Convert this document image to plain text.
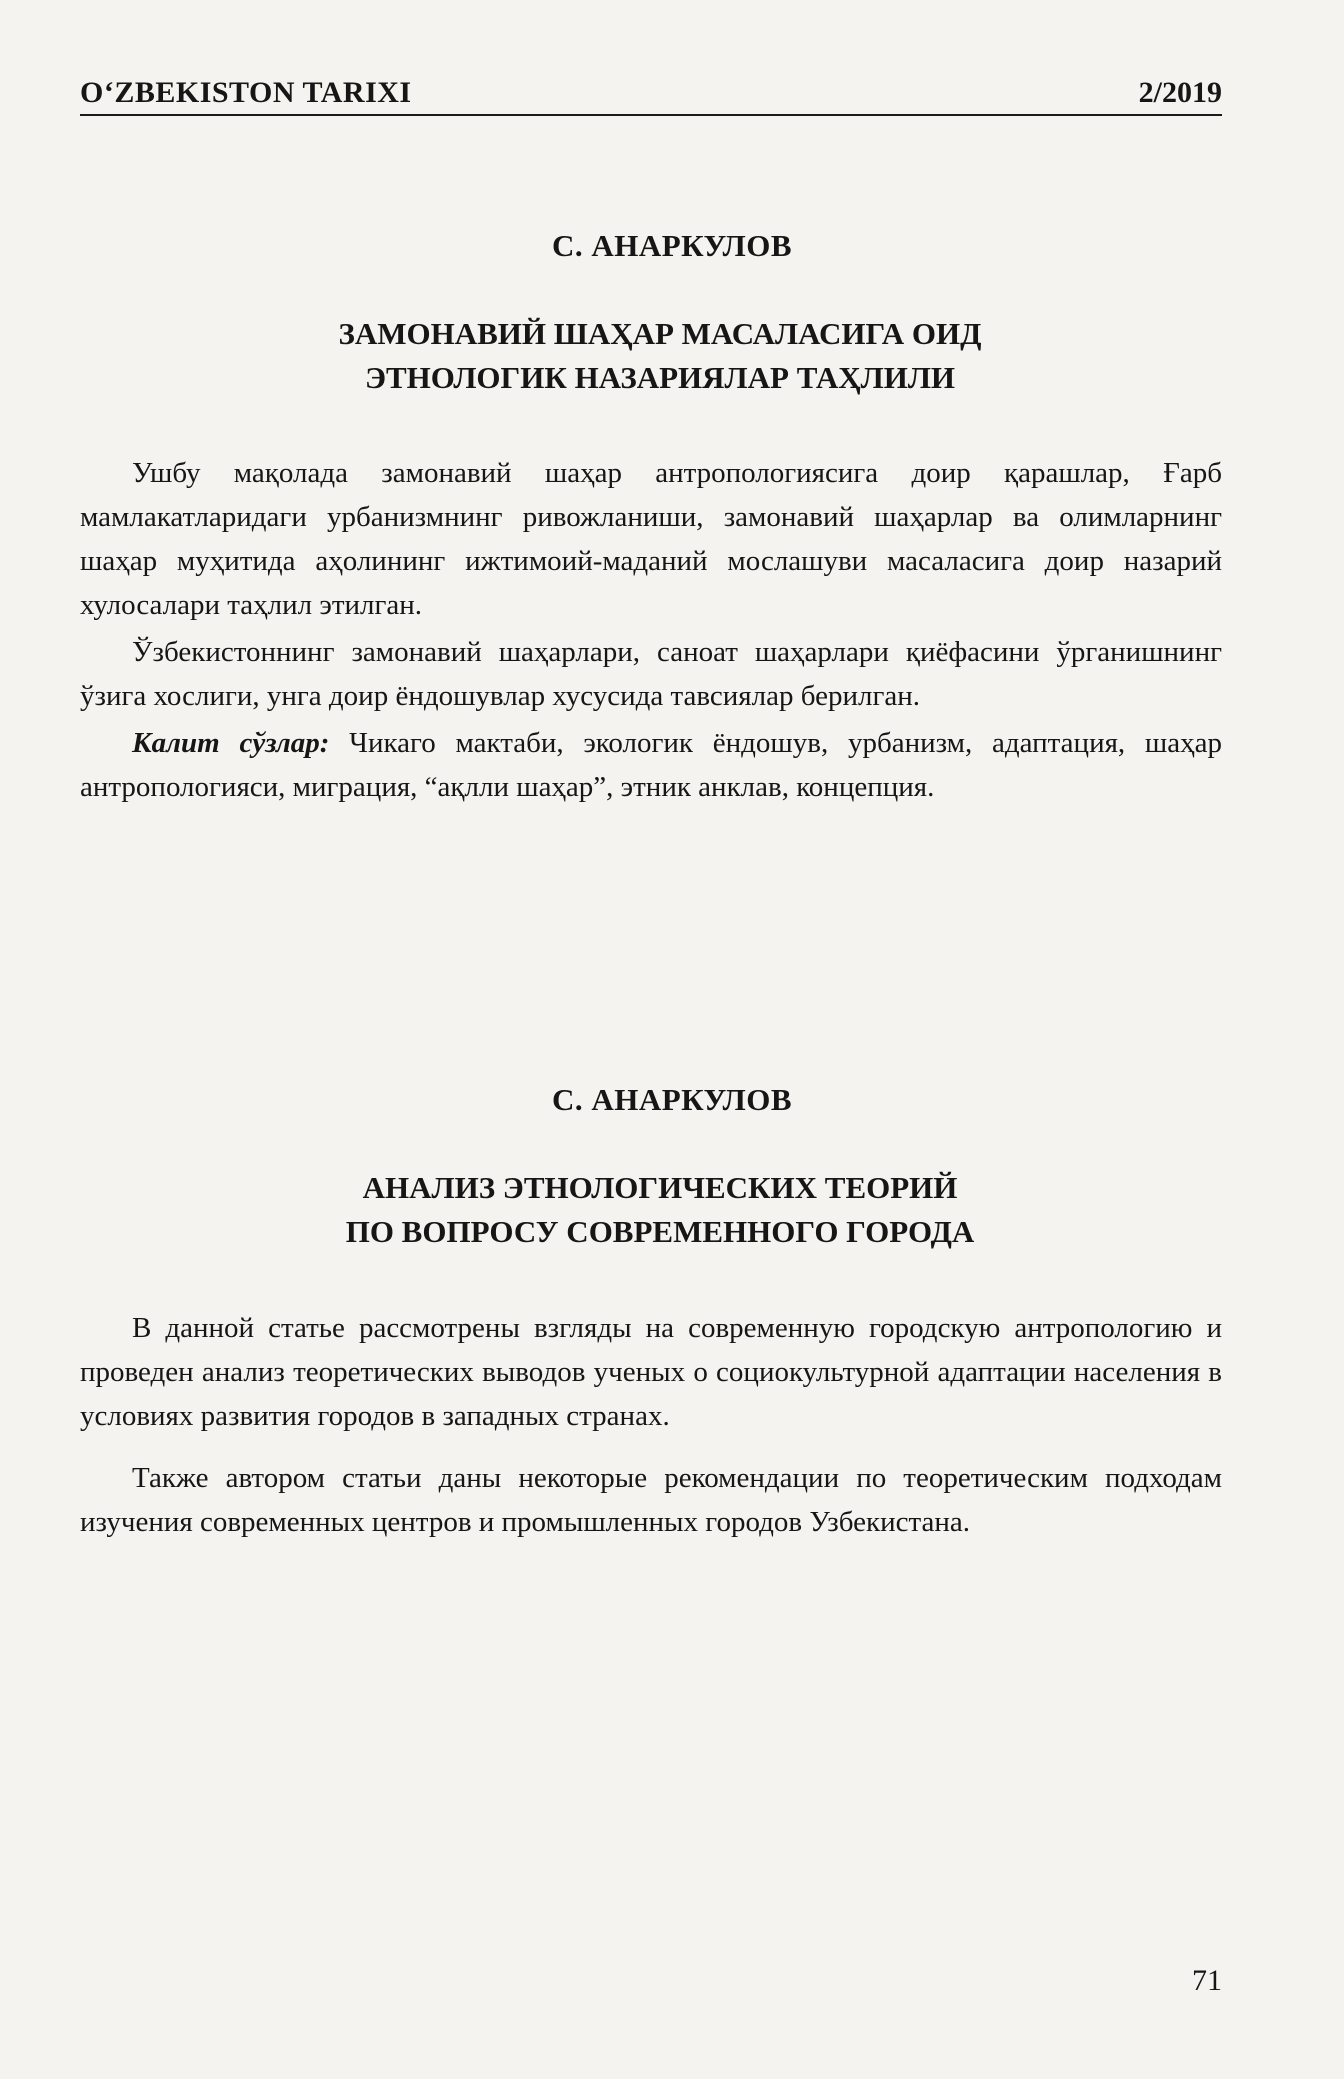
O‘ZBEKISTON TARIXI	2/2019
С. АНАРКУЛОВ
ЗАМОНАВИЙ ШАҲАР МАСАЛАСИГА ОИД
ЭТНОЛОГИК НАЗАРИЯЛАР ТАҲЛИЛИ

Ушбу мақолада замонавий шаҳар антропологиясига доир қарашлар, Ғарб мамлакатларидаги урбанизмнинг ривожланиши, замонавий шаҳарлар ва олимларнинг шаҳар муҳитида аҳолининг ижтимоий-маданий мослашуви масаласига доир назарий хулосалари таҳлил этилган.

Ўзбекистоннинг замонавий шаҳарлари, саноат шаҳарлари қиёфасини ўрганишнинг ўзига хослиги, унга доир ёндошувлар хусусида тавсиялар берилган.

Калит сўзлар: Чикаго мактаби, экологик ёндошув, урбанизм, адаптация, шаҳар антропологияси, миграция, “ақлли шаҳар”, этник анклав, концепция.

С. АНАРКУЛОВ
АНАЛИЗ ЭТНОЛОГИЧЕСКИХ ТЕОРИЙ
ПО ВОПРОСУ СОВРЕМЕННОГО ГОРОДА

В данной статье рассмотрены взгляды на современную городскую антропологию и проведен анализ теоретических выводов ученых о социокультурной адаптации населения в условиях развития городов в западных странах.

Также автором статьи даны некоторые рекомендации по теоретическим подходам изучения современных центров и промышленных городов Узбекистана.

71
